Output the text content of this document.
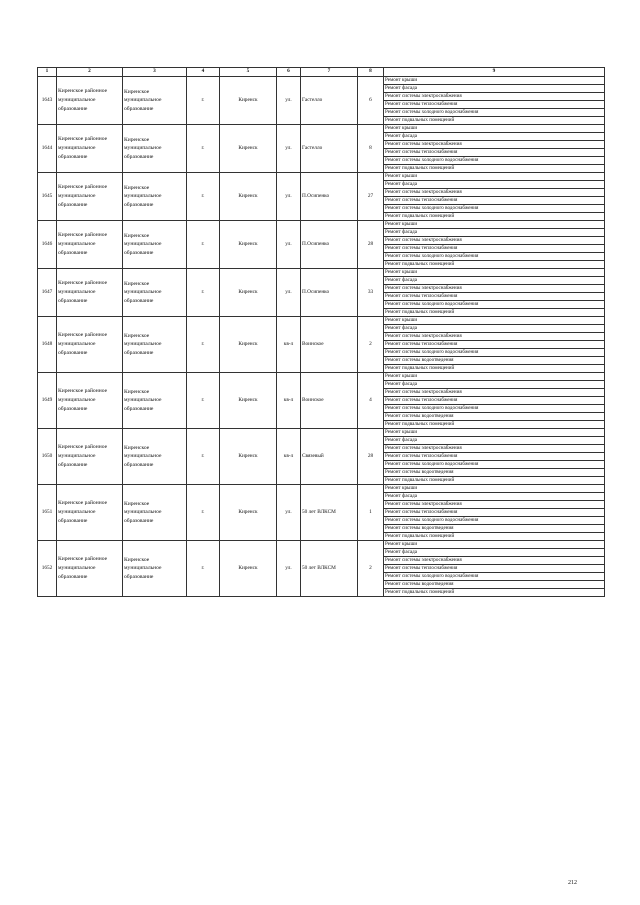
1	2	3	4	5	6	7	8	9
1643	Киренское районное муниципальное образование	Киренское муниципальное образование	г.	Киренск	ул.	Гастелло	6	Ремонт крыши
								Ремонт фасада
								Ремонт системы электроснабжения
								Ремонт системы теплоснабжения
								Ремонт системы холодного водоснабжения
								Ремонт подвальных помещений
1644	Киренское районное муниципальное образование	Киренское муниципальное образование	г.	Киренск	ул.	Гастелло	8	Ремонт крыши
								Ремонт фасада
								Ремонт системы электроснабжения
								Ремонт системы теплоснабжения
								Ремонт системы холодного водоснабжения
								Ремонт подвальных помещений
1645	Киренское районное муниципальное образование	Киренское муниципальное образование	г.	Киренск	ул.	П.Осипенко	27	Ремонт крыши
								Ремонт фасада
								Ремонт системы электроснабжения
								Ремонт системы теплоснабжения
								Ремонт системы холодного водоснабжения
								Ремонт подвальных помещений
1646	Киренское районное муниципальное образование	Киренское муниципальное образование	г.	Киренск	ул.	П.Осипенко	28	Ремонт крыши
								Ремонт фасада
								Ремонт системы электроснабжения
								Ремонт системы теплоснабжения
								Ремонт системы холодного водоснабжения
								Ремонт подвальных помещений
1647	Киренское районное муниципальное образование	Киренское муниципальное образование	г.	Киренск	ул.	П.Осипенко	33	Ремонт крыши
								Ремонт фасада
								Ремонт системы электроснабжения
								Ремонт системы теплоснабжения
								Ремонт системы холодного водоснабжения
								Ремонт подвальных помещений
1648	Киренское районное муниципальное образование	Киренское муниципальное образование	г.	Киренск	кв-л	Воинское	2	Ремонт крыши
								Ремонт фасада
								Ремонт системы электроснабжения
								Ремонт системы теплоснабжения
								Ремонт системы холодного водоснабжения
								Ремонт системы водоотведения
								Ремонт подвальных помещений
1649	Киренское районное муниципальное образование	Киренское муниципальное образование	г.	Киренск	кв-л	Воинское	4	Ремонт крыши
								Ремонт фасада
								Ремонт системы электроснабжения
								Ремонт системы теплоснабжения
								Ремонт системы холодного водоснабжения
								Ремонт системы водоотведения
								Ремонт подвальных помещений
1650	Киренское районное муниципальное образование	Киренское муниципальное образование	г.	Киренск	кв-л	Связевый	28	Ремонт крыши
								Ремонт фасада
								Ремонт системы электроснабжения
								Ремонт системы теплоснабжения
								Ремонт системы холодного водоснабжения
								Ремонт системы водоотведения
								Ремонт подвальных помещений
1651	Киренское районное муниципальное образование	Киренское муниципальное образование	г.	Киренск	ул.	50 лет ВЛКСМ	1	Ремонт крыши
								Ремонт фасада
								Ремонт системы электроснабжения
								Ремонт системы теплоснабжения
								Ремонт системы холодного водоснабжения
								Ремонт системы водоотведения
								Ремонт подвальных помещений
1652	Киренское районное муниципальное образование	Киренское муниципальное образование	г.	Киренск	ул.	50 лет ВЛКСМ	2	Ремонт крыши
								Ремонт фасада
								Ремонт системы электроснабжения
								Ремонт системы теплоснабжения
								Ремонт системы холодного водоснабжения
								Ремонт системы водоотведения
								Ремонт подвальных помещений
212
